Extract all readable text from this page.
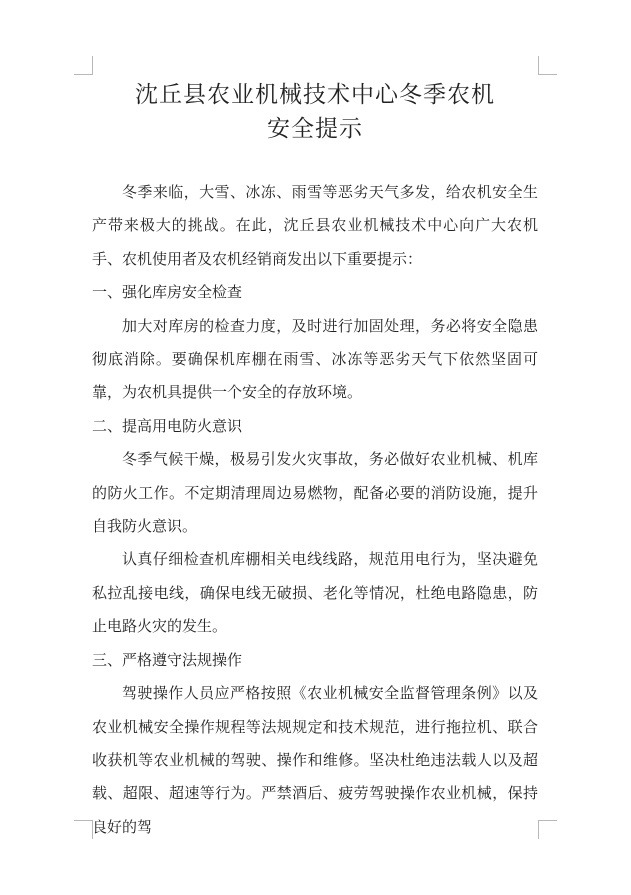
沈丘县农业机械技术中心冬季农机
安全提示

冬季来临，大雪、冰冻、雨雪等恶劣天气多发，给农机安全生产带来极大的挑战。在此，沈丘县农业机械技术中心向广大农机手、农机使用者及农机经销商发出以下重要提示：

一、强化库房安全检查

加大对库房的检查力度，及时进行加固处理，务必将安全隐患彻底消除。要确保机库棚在雨雪、冰冻等恶劣天气下依然坚固可靠，为农机具提供一个安全的存放环境。

二、提高用电防火意识

冬季气候干燥，极易引发火灾事故，务必做好农业机械、机库的防火工作。不定期清理周边易燃物，配备必要的消防设施，提升自我防火意识。

认真仔细检查机库棚相关电线线路，规范用电行为，坚决避免私拉乱接电线，确保电线无破损、老化等情况，杜绝电路隐患，防止电路火灾的发生。

三、严格遵守法规操作

驾驶操作人员应严格按照《农业机械安全监督管理条例》以及农业机械安全操作规程等法规规定和技术规范，进行拖拉机、联合收获机等农业机械的驾驶、操作和维修。坚决杜绝违法载人以及超载、超限、超速等行为。严禁酒后、疲劳驾驶操作农业机械，保持良好的驾
